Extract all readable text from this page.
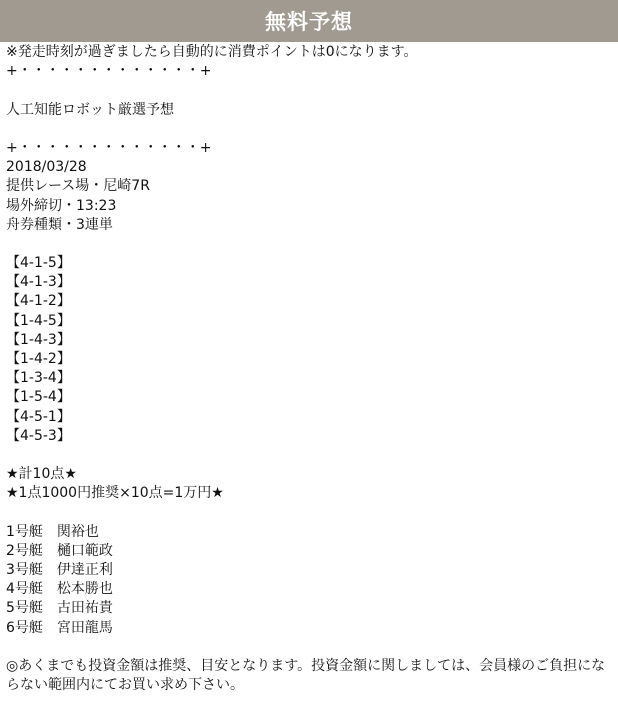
無料予想
※発走時刻が過ぎましたら自動的に消費ポイントは0になります。
+・・・・・・・・・・・・・+
人工知能ロボット厳選予想
+・・・・・・・・・・・・・+
2018/03/28
提供レース場・尼崎7R
場外締切・13:23
舟券種類・3連単
【4-1-5】
【4-1-3】
【4-1-2】
【1-4-5】
【1-4-3】
【1-4-2】
【1-3-4】
【1-5-4】
【4-5-1】
【4-5-3】
★計10点★
★1点1000円推奨×10点=1万円★
1号艇　関裕也
2号艇　樋口範政
3号艇　伊達正利
4号艇　松本勝也
5号艇　古田祐貴
6号艇　宮田龍馬
◎あくまでも投資金額は推奨、目安となります。投資金額に関しましては、会員様のご負担にならない範囲内にてお買い求め下さい。
